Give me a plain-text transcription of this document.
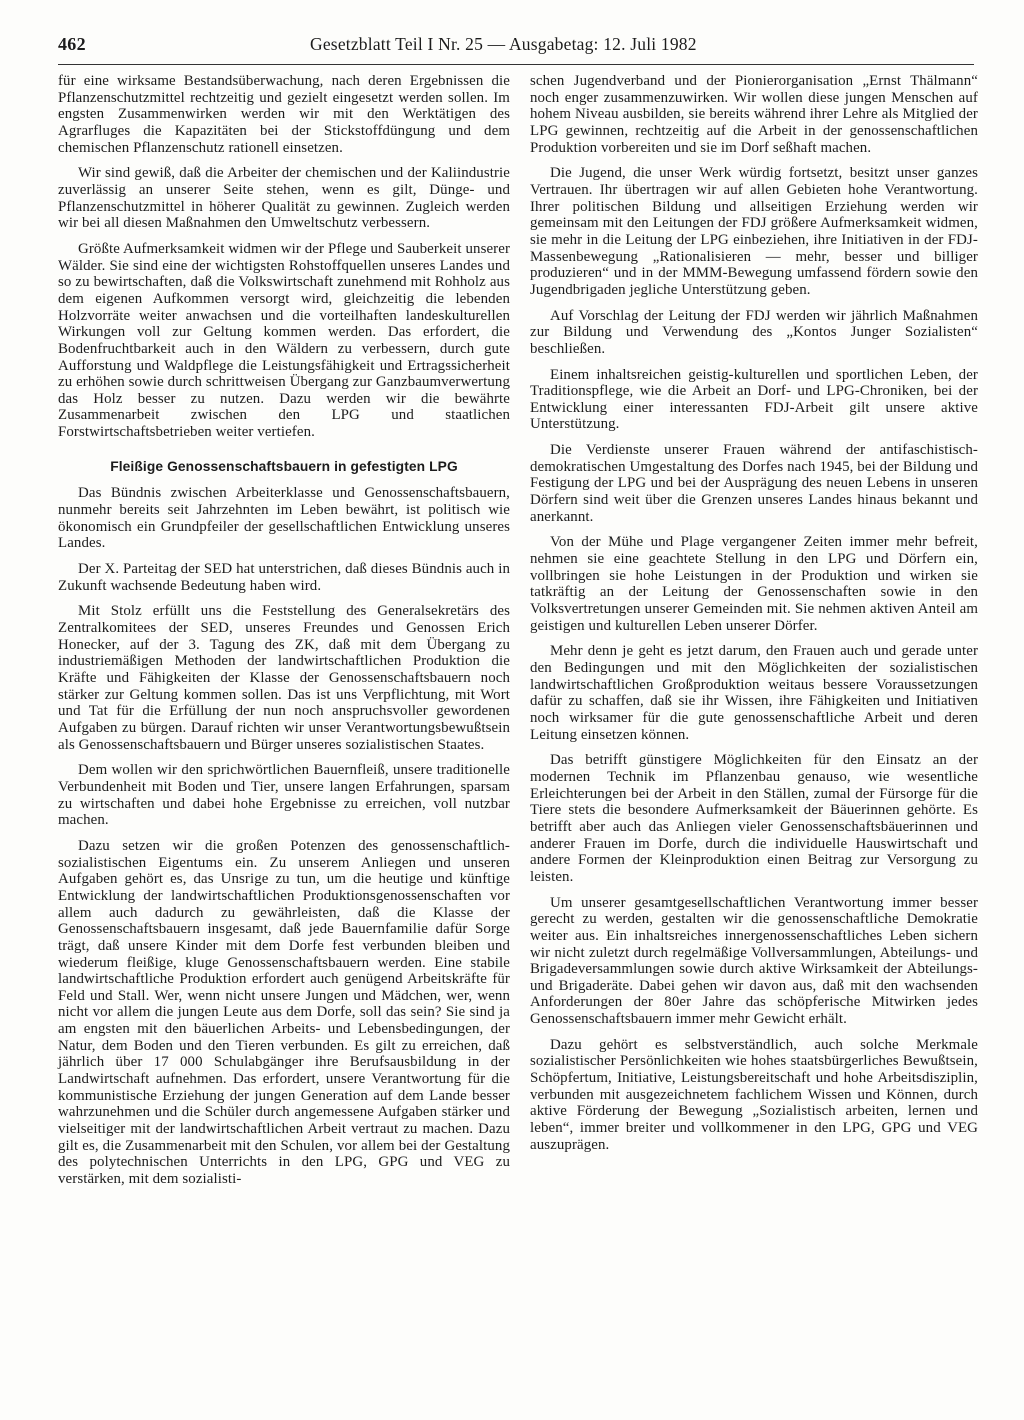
462	Gesetzblatt Teil I Nr. 25 — Ausgabetag: 12. Juli 1982

für eine wirksame Bestandsüberwachung, nach deren Ergebnissen die Pflanzenschutzmittel rechtzeitig und gezielt eingesetzt werden sollen. Im engsten Zusammenwirken werden wir mit den Werktätigen des Agrarfluges die Kapazitäten bei der Stickstoffdüngung und dem chemischen Pflanzenschutz rationell einsetzen.

Wir sind gewiß, daß die Arbeiter der chemischen und der Kaliindustrie zuverlässig an unserer Seite stehen, wenn es gilt, Dünge- und Pflanzenschutzmittel in höherer Qualität zu gewinnen. Zugleich werden wir bei all diesen Maßnahmen den Umweltschutz verbessern.

Größte Aufmerksamkeit widmen wir der Pflege und Sauberkeit unserer Wälder. Sie sind eine der wichtigsten Rohstoffquellen unseres Landes und so zu bewirtschaften, daß die Volkswirtschaft zunehmend mit Rohholz aus dem eigenen Aufkommen versorgt wird, gleichzeitig die lebenden Holzvorräte weiter anwachsen und die vorteilhaften landeskulturellen Wirkungen voll zur Geltung kommen werden. Das erfordert, die Bodenfruchtbarkeit auch in den Wäldern zu verbessern, durch gute Aufforstung und Waldpflege die Leistungsfähigkeit und Ertragssicherheit zu erhöhen sowie durch schrittweisen Übergang zur Ganzbaumverwertung das Holz besser zu nutzen. Dazu werden wir die bewährte Zusammenarbeit zwischen den LPG und staatlichen Forstwirtschaftsbetrieben weiter vertiefen.

Fleißige Genossenschaftsbauern in gefestigten LPG

Das Bündnis zwischen Arbeiterklasse und Genossenschaftsbauern, nunmehr bereits seit Jahrzehnten im Leben bewährt, ist politisch wie ökonomisch ein Grundpfeiler der gesellschaftlichen Entwicklung unseres Landes.

Der X. Parteitag der SED hat unterstrichen, daß dieses Bündnis auch in Zukunft wachsende Bedeutung haben wird.

Mit Stolz erfüllt uns die Feststellung des Generalsekretärs des Zentralkomitees der SED, unseres Freundes und Genossen Erich Honecker, auf der 3. Tagung des ZK, daß mit dem Übergang zu industriemäßigen Methoden der landwirtschaftlichen Produktion die Kräfte und Fähigkeiten der Klasse der Genossenschaftsbauern noch stärker zur Geltung kommen sollen. Das ist uns Verpflichtung, mit Wort und Tat für die Erfüllung der nun noch anspruchsvoller gewordenen Aufgaben zu bürgen. Darauf richten wir unser Verantwortungsbewußtsein als Genossenschaftsbauern und Bürger unseres sozialistischen Staates.

Dem wollen wir den sprichwörtlichen Bauernfleiß, unsere traditionelle Verbundenheit mit Boden und Tier, unsere langen Erfahrungen, sparsam zu wirtschaften und dabei hohe Ergebnisse zu erreichen, voll nutzbar machen.

Dazu setzen wir die großen Potenzen des genossenschaftlich-sozialistischen Eigentums ein. Zu unserem Anliegen und unseren Aufgaben gehört es, das Unsrige zu tun, um die heutige und künftige Entwicklung der landwirtschaftlichen Produktionsgenossenschaften vor allem auch dadurch zu gewährleisten, daß die Klasse der Genossenschaftsbauern insgesamt, daß jede Bauernfamilie dafür Sorge trägt, daß unsere Kinder mit dem Dorfe fest verbunden bleiben und wiederum fleißige, kluge Genossenschaftsbauern werden. Eine stabile landwirtschaftliche Produktion erfordert auch genügend Arbeitskräfte für Feld und Stall. Wer, wenn nicht unsere Jungen und Mädchen, wer, wenn nicht vor allem die jungen Leute aus dem Dorfe, soll das sein? Sie sind ja am engsten mit den bäuerlichen Arbeits- und Lebensbedingungen, der Natur, dem Boden und den Tieren verbunden. Es gilt zu erreichen, daß jährlich über 17 000 Schulabgänger ihre Berufsausbildung in der Landwirtschaft aufnehmen. Das erfordert, unsere Verantwortung für die kommunistische Erziehung der jungen Generation auf dem Lande besser wahrzunehmen und die Schüler durch angemessene Aufgaben stärker und vielseitiger mit der landwirtschaftlichen Arbeit vertraut zu machen. Dazu gilt es, die Zusammenarbeit mit den Schulen, vor allem bei der Gestaltung des polytechnischen Unterrichts in den LPG, GPG und VEG zu verstärken, mit dem sozialisti-

schen Jugendverband und der Pionierorganisation „Ernst Thälmann“ noch enger zusammenzuwirken. Wir wollen diese jungen Menschen auf hohem Niveau ausbilden, sie bereits während ihrer Lehre als Mitglied der LPG gewinnen, rechtzeitig auf die Arbeit in der genossenschaftlichen Produktion vorbereiten und sie im Dorf seßhaft machen.

Die Jugend, die unser Werk würdig fortsetzt, besitzt unser ganzes Vertrauen. Ihr übertragen wir auf allen Gebieten hohe Verantwortung. Ihrer politischen Bildung und allseitigen Erziehung werden wir gemeinsam mit den Leitungen der FDJ größere Aufmerksamkeit widmen, sie mehr in die Leitung der LPG einbeziehen, ihre Initiativen in der FDJ-Massenbewegung „Rationalisieren — mehr, besser und billiger produzieren“ und in der MMM-Bewegung umfassend fördern sowie den Jugendbrigaden jegliche Unterstützung geben.

Auf Vorschlag der Leitung der FDJ werden wir jährlich Maßnahmen zur Bildung und Verwendung des „Kontos Junger Sozialisten“ beschließen.

Einem inhaltsreichen geistig-kulturellen und sportlichen Leben, der Traditionspflege, wie die Arbeit an Dorf- und LPG-Chroniken, bei der Entwicklung einer interessanten FDJ-Arbeit gilt unsere aktive Unterstützung.

Die Verdienste unserer Frauen während der antifaschistisch-demokratischen Umgestaltung des Dorfes nach 1945, bei der Bildung und Festigung der LPG und bei der Ausprägung des neuen Lebens in unseren Dörfern sind weit über die Grenzen unseres Landes hinaus bekannt und anerkannt.

Von der Mühe und Plage vergangener Zeiten immer mehr befreit, nehmen sie eine geachtete Stellung in den LPG und Dörfern ein, vollbringen sie hohe Leistungen in der Produktion und wirken sie tatkräftig an der Leitung der Genossenschaften sowie in den Volksvertretungen unserer Gemeinden mit. Sie nehmen aktiven Anteil am geistigen und kulturellen Leben unserer Dörfer.

Mehr denn je geht es jetzt darum, den Frauen auch und gerade unter den Bedingungen und mit den Möglichkeiten der sozialistischen landwirtschaftlichen Großproduktion weitaus bessere Voraussetzungen dafür zu schaffen, daß sie ihr Wissen, ihre Fähigkeiten und Initiativen noch wirksamer für die gute genossenschaftliche Arbeit und deren Leitung einsetzen können.

Das betrifft günstigere Möglichkeiten für den Einsatz an der modernen Technik im Pflanzenbau genauso, wie wesentliche Erleichterungen bei der Arbeit in den Ställen, zumal der Fürsorge für die Tiere stets die besondere Aufmerksamkeit der Bäuerinnen gehörte. Es betrifft aber auch das Anliegen vieler Genossenschaftsbäuerinnen und anderer Frauen im Dorfe, durch die individuelle Hauswirtschaft und andere Formen der Kleinproduktion einen Beitrag zur Versorgung zu leisten.

Um unserer gesamtgesellschaftlichen Verantwortung immer besser gerecht zu werden, gestalten wir die genossenschaftliche Demokratie weiter aus. Ein inhaltsreiches innergenossenschaftliches Leben sichern wir nicht zuletzt durch regelmäßige Vollversammlungen, Abteilungs- und Brigadeversammlungen sowie durch aktive Wirksamkeit der Abteilungs- und Brigaderäte. Dabei gehen wir davon aus, daß mit den wachsenden Anforderungen der 80er Jahre das schöpferische Mitwirken jedes Genossenschaftsbauern immer mehr Gewicht erhält.

Dazu gehört es selbstverständlich, auch solche Merkmale sozialistischer Persönlichkeiten wie hohes staatsbürgerliches Bewußtsein, Schöpfertum, Initiative, Leistungsbereitschaft und hohe Arbeitsdisziplin, verbunden mit ausgezeichnetem fachlichem Wissen und Können, durch aktive Förderung der Bewegung „Sozialistisch arbeiten, lernen und leben“, immer breiter und vollkommener in den LPG, GPG und VEG auszuprägen.
